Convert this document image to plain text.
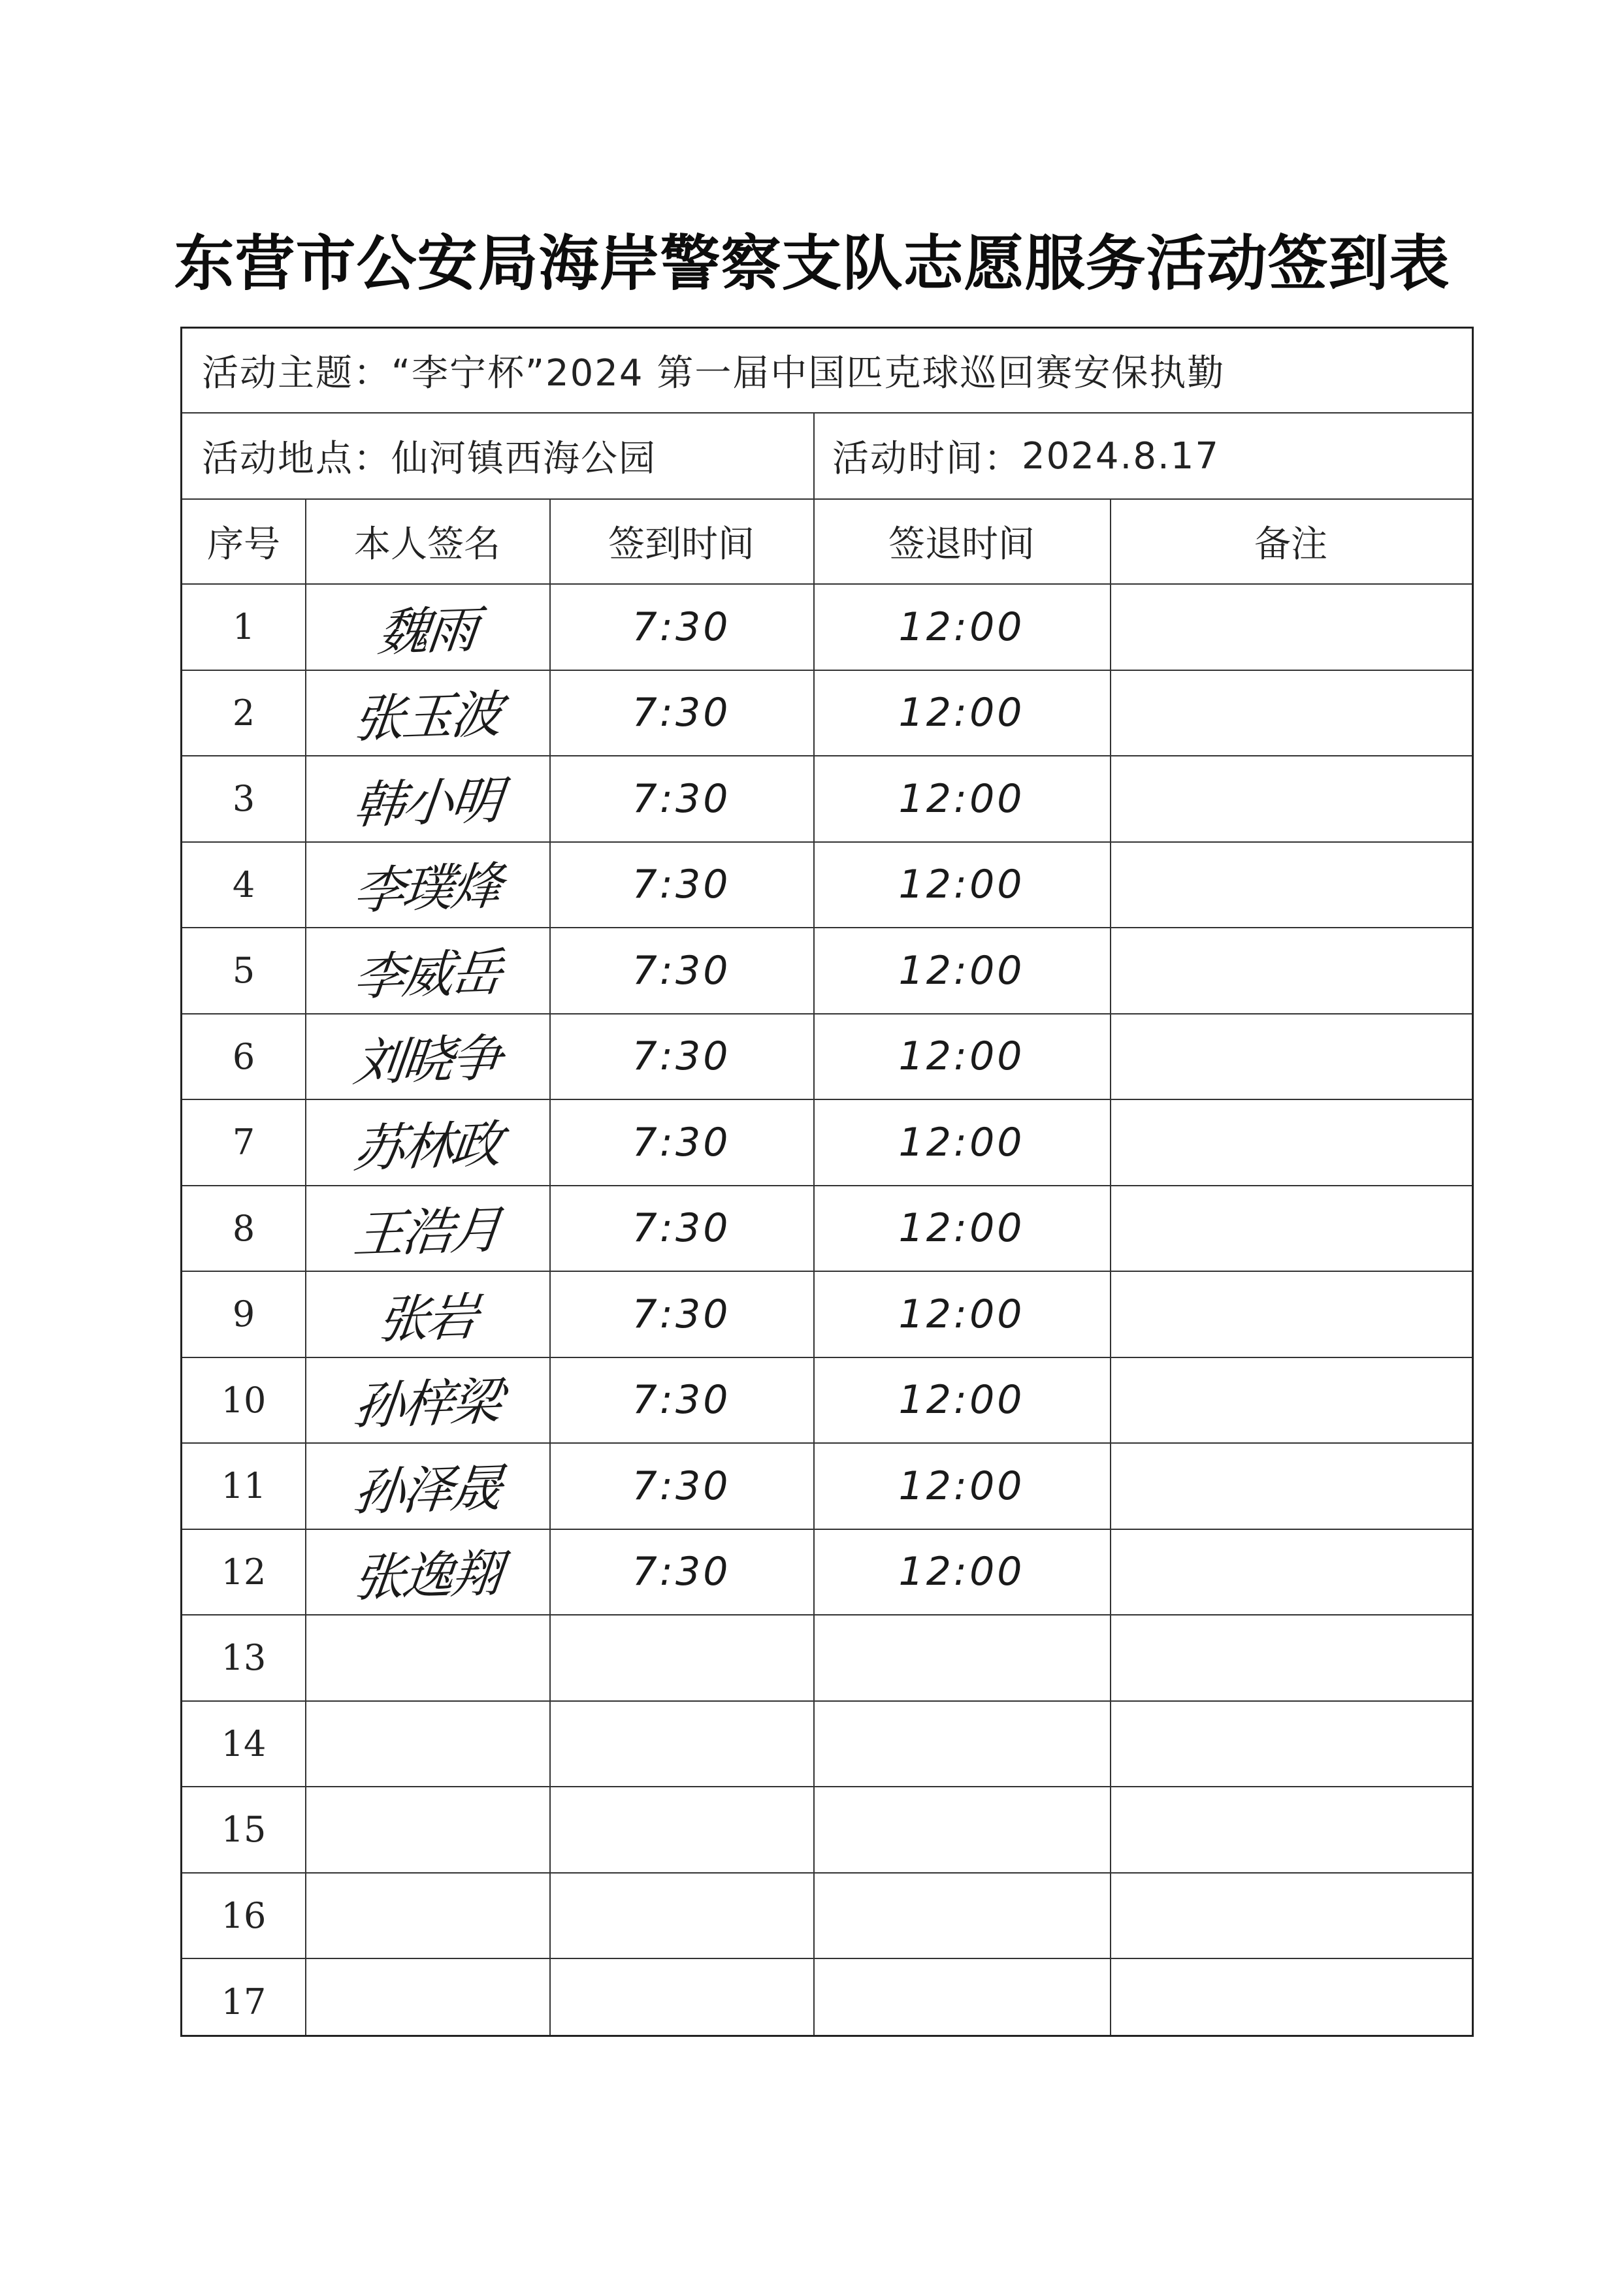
东营市公安局海岸警察支队志愿服务活动签到表
活动主题： “李宁杯”2024 第一届中国匹克球巡回赛安保执勤
活动地点： 仙河镇西海公园	活动时间： 2024.8.17
序号	本人签名	签到时间	签退时间	备注
1 魏雨	7:30	12:00
2 张玉波	7:30	12:00
3 韩小明	7:30	12:00
4 李璞烽	7:30	12:00
5 李威岳	7:30	12:00
6 刘晓争	7:30	12:00
7 苏林政	7:30	12:00
8 王浩月	7:30	12:00
9 张岩	7:30	12:00
10 孙梓梁	7:30	12:00
11 孙泽晟	7:30	12:00
12 张逸翔	7:30	12:00
13
14
15
16
17
